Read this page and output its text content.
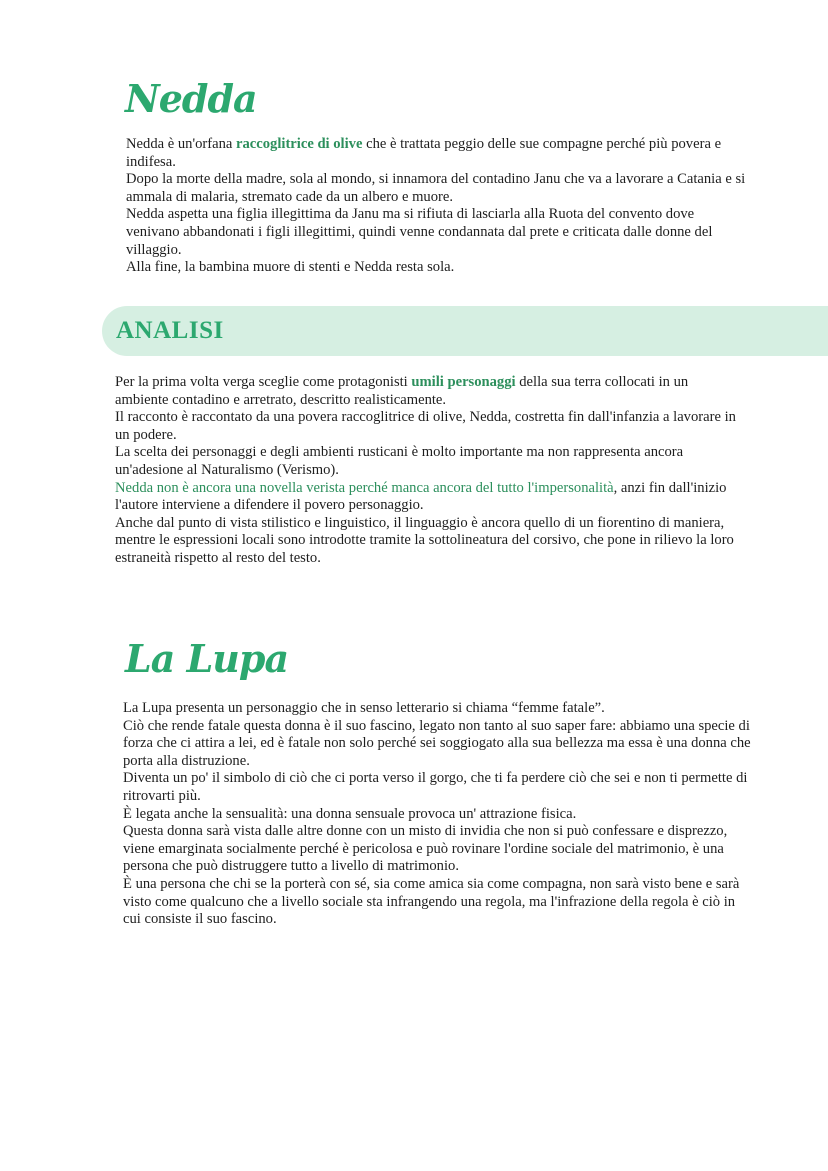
Nedda

Nedda è un'orfana raccoglitrice di olive che è trattata peggio delle sue compagne perché più povera e indifesa.

Dopo la morte della madre, sola al mondo, si innamora del contadino Janu che va a lavorare a Catania e si ammala di malaria, stremato cade da un albero e muore.

Nedda aspetta una figlia illegittima da Janu ma si rifiuta di lasciarla alla Ruota del convento dove venivano abbandonati i figli illegittimi, quindi venne condannata dal prete e criticata dalle donne del villaggio.

Alla fine, la bambina muore di stenti e Nedda resta sola.

ANALISI

Per la prima volta verga sceglie come protagonisti umili personaggi della sua terra collocati in un ambiente contadino e arretrato, descritto realisticamente.

Il racconto è raccontato da una povera raccoglitrice di olive, Nedda, costretta fin dall'infanzia a lavorare in un podere.

La scelta dei personaggi e degli ambienti rusticani è molto importante ma non rappresenta ancora un'adesione al Naturalismo (Verismo).

Nedda non è ancora una novella verista perché manca ancora del tutto l'impersonalità, anzi fin dall'inizio l'autore interviene a difendere il povero personaggio.

Anche dal punto di vista stilistico e linguistico, il linguaggio è ancora quello di un fiorentino di maniera, mentre le espressioni locali sono introdotte tramite la sottolineatura del corsivo, che pone in rilievo la loro estraneità rispetto al resto del testo.

La Lupa

La Lupa presenta un personaggio che in senso letterario si chiama “femme fatale”.

Ciò che rende fatale questa donna è il suo fascino, legato non tanto al suo saper fare: abbiamo una specie di forza che ci attira a lei, ed è fatale non solo perché sei soggiogato alla sua bellezza ma essa è una donna che porta alla distruzione.

Diventa un po' il simbolo di ciò che ci porta verso il gorgo, che ti fa perdere ciò che sei e non ti permette di ritrovarti più.

È legata anche la sensualità: una donna sensuale provoca un' attrazione fisica.

Questa donna sarà vista dalle altre donne con un misto di invidia che non si può confessare e disprezzo, viene emarginata socialmente perché è pericolosa e può rovinare l'ordine sociale del matrimonio, è una persona che può distruggere tutto a livello di matrimonio.

È una persona che chi se la porterà con sé, sia come amica sia come compagna, non sarà visto bene e sarà visto come qualcuno che a livello sociale sta infrangendo una regola, ma l'infrazione della regola è ciò in cui consiste il suo fascino.
